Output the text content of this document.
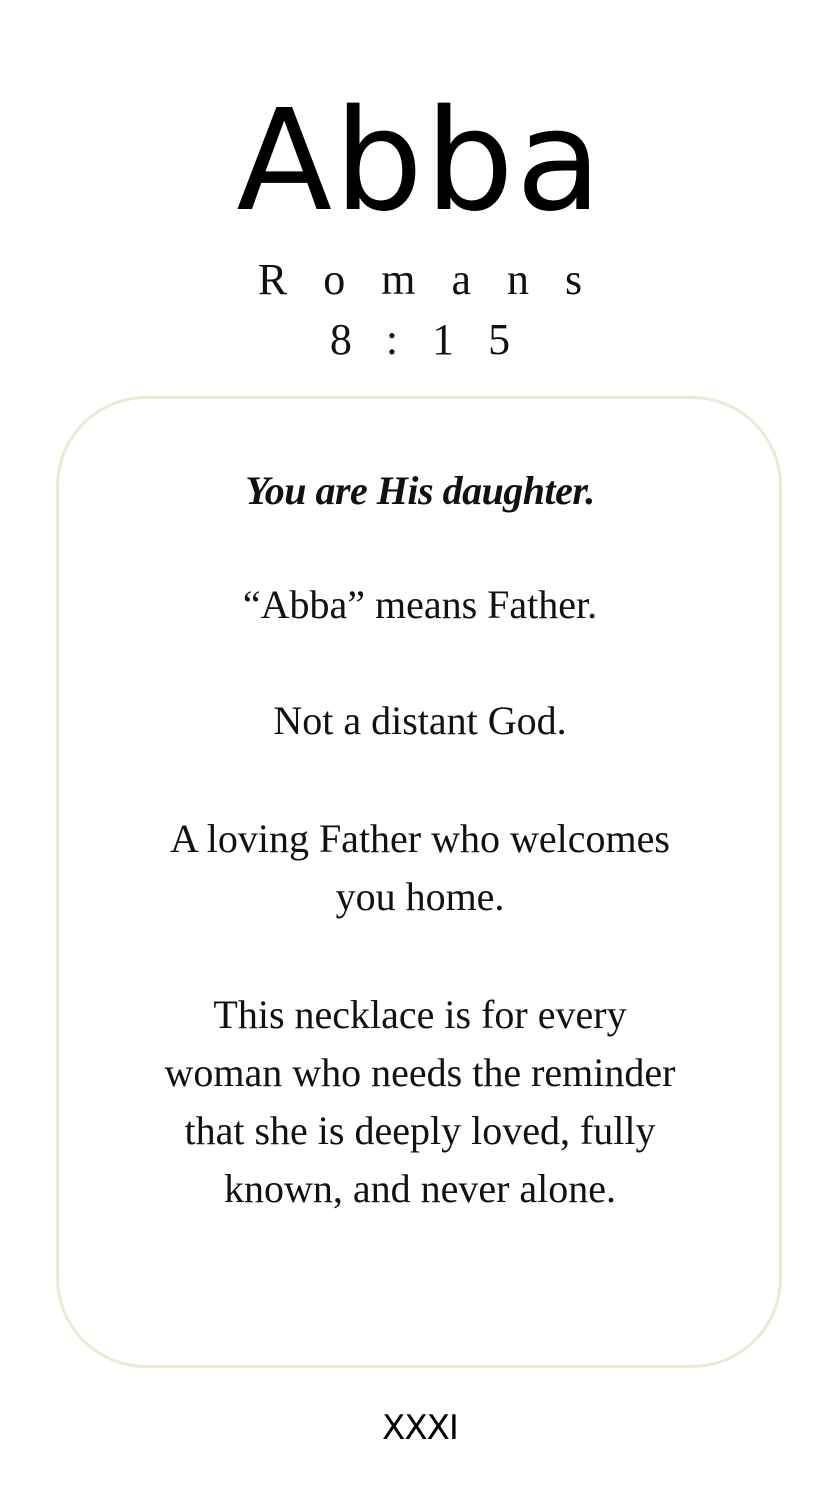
Abba
Romans
8:15
You are His daughter.
“Abba” means Father.
Not a distant God.
A loving Father who welcomes you home.
This necklace is for every woman who needs the reminder that she is deeply loved, fully known, and never alone.
XXXI
